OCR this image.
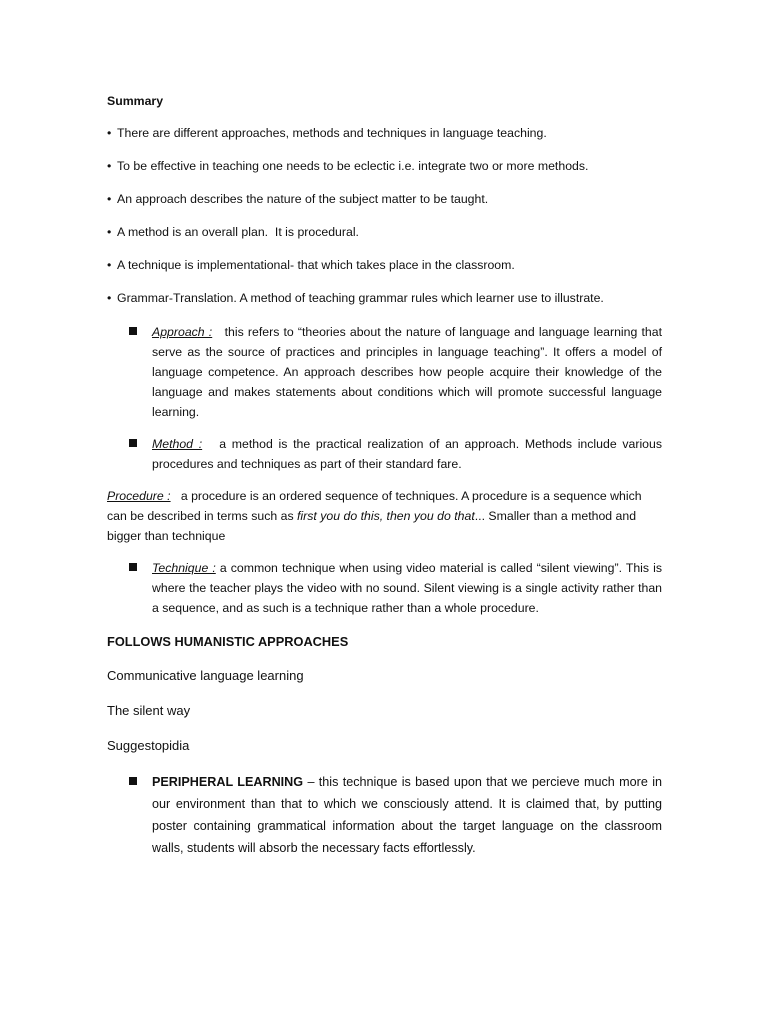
Summary
• There are different approaches, methods and techniques in language teaching.
• To be effective in teaching one needs to be eclectic i.e. integrate two or more methods.
• An approach describes the nature of the subject matter to be taught.
• A method is an overall plan.  It is procedural.
• A technique is implementational- that which takes place in the classroom.
• Grammar-Translation. A method of teaching grammar rules which learner use to illustrate.
Approach : this refers to “theories about the nature of language and language learning that serve as the source of practices and principles in language teaching”. It offers a model of language competence. An approach describes how people acquire their knowledge of the language and makes statements about conditions which will promote successful language learning.
Method : a method is the practical realization of an approach. Methods include various procedures and techniques as part of their standard fare.
Procedure : a procedure is an ordered sequence of techniques. A procedure is a sequence which can be described in terms such as first you do this, then you do that... Smaller than a method and bigger than technique
Technique : a common technique when using video material is called “silent viewing”. This is where the teacher plays the video with no sound. Silent viewing is a single activity rather than a sequence, and as such is a technique rather than a whole procedure.
FOLLOWS HUMANISTIC APPROACHES
Communicative language learning
The silent way
Suggestopidia
PERIPHERAL LEARNING – this technique is based upon that we percieve much more in our environment than that to which we consciously attend. It is claimed that, by putting poster containing grammatical information about the target language on the classroom walls, students will absorb the necessary facts effortlessly.
